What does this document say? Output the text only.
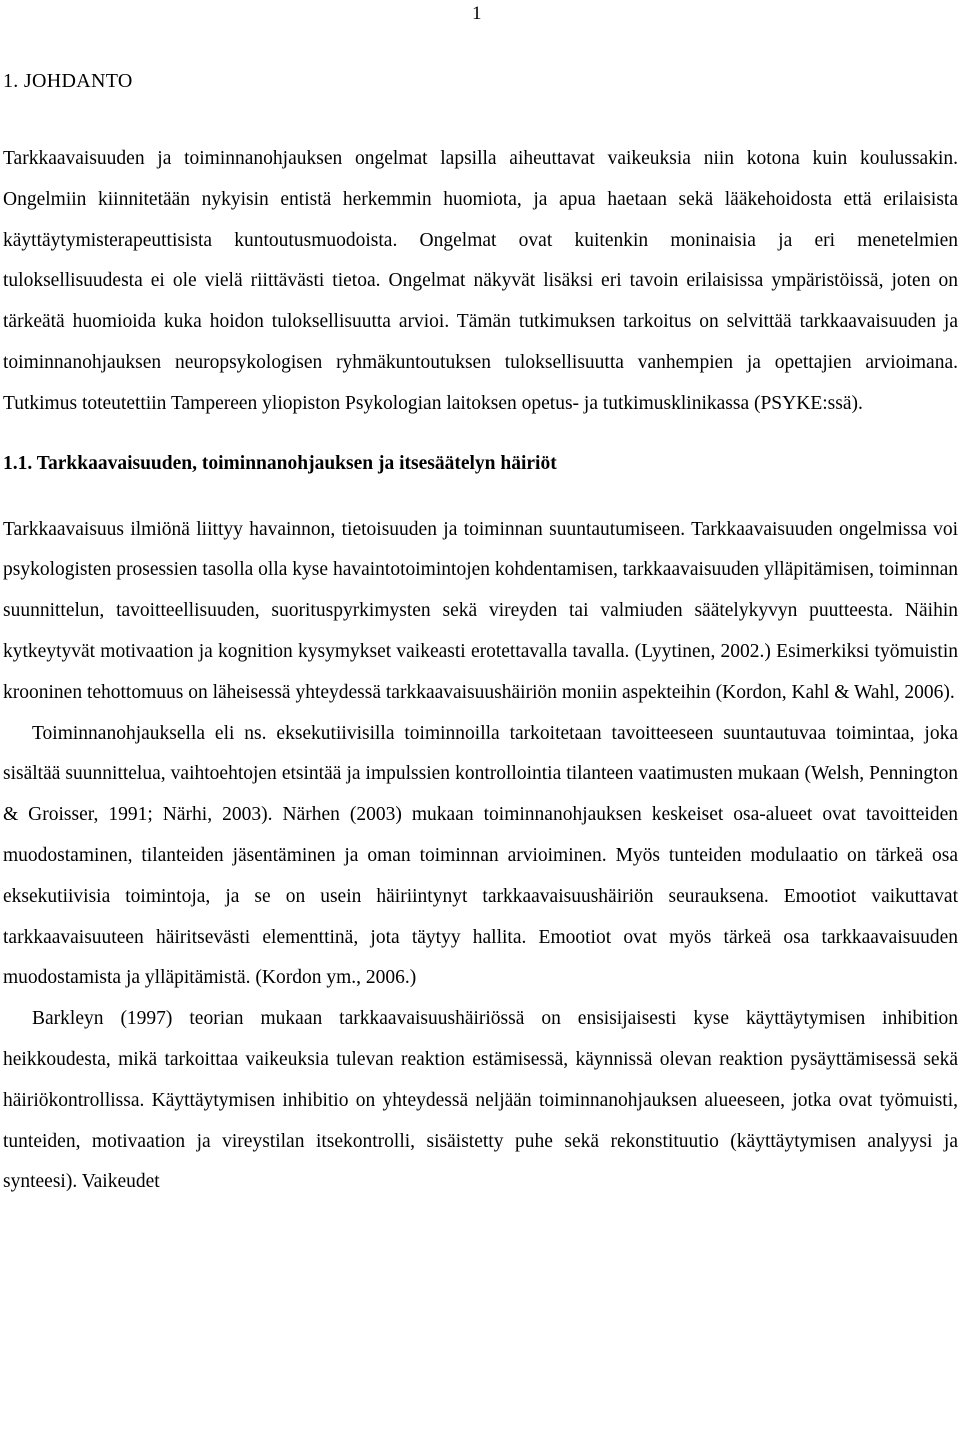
1
1. JOHDANTO

Tarkkaavaisuuden ja toiminnanohjauksen ongelmat lapsilla aiheuttavat vaikeuksia niin kotona kuin koulussakin. Ongelmiin kiinnitetään nykyisin entistä herkemmin huomiota, ja apua haetaan sekä lääkehoidosta että erilaisista käyttäytymisterapeuttisista kuntoutusmuodoista. Ongelmat ovat kuitenkin moninaisia ja eri menetelmien tuloksellisuudesta ei ole vielä riittävästi tietoa. Ongelmat näkyvät lisäksi eri tavoin erilaisissa ympäristöissä, joten on tärkeätä huomioida kuka hoidon tuloksellisuutta arvioi. Tämän tutkimuksen tarkoitus on selvittää tarkkaavaisuuden ja toiminnanohjauksen neuropsykologisen ryhmäkuntoutuksen tuloksellisuutta vanhempien ja opettajien arvioimana. Tutkimus toteutettiin Tampereen yliopiston Psykologian laitoksen opetus- ja tutkimusklinikassa (PSYKE:ssä).

1.1. Tarkkaavaisuuden, toiminnanohjauksen ja itsesäätelyn häiriöt

Tarkkaavaisuus ilmiönä liittyy havainnon, tietoisuuden ja toiminnan suuntautumiseen. Tarkkaavaisuuden ongelmissa voi psykologisten prosessien tasolla olla kyse havaintotoimintojen kohdentamisen, tarkkaavaisuuden ylläpitämisen, toiminnan suunnittelun, tavoitteellisuuden, suorituspyrkimysten sekä vireyden tai valmiuden säätelykyvyn puutteesta. Näihin kytkeytyvät motivaation ja kognition kysymykset vaikeasti erotettavalla tavalla. (Lyytinen, 2002.) Esimerkiksi työmuistin krooninen tehottomuus on läheisessä yhteydessä tarkkaavaisuushäiriön moniin aspekteihin (Kordon, Kahl & Wahl, 2006).

Toiminnanohjauksella eli ns. eksekutiivisilla toiminnoilla tarkoitetaan tavoitteeseen suuntautuvaa toimintaa, joka sisältää suunnittelua, vaihtoehtojen etsintää ja impulssien kontrollointia tilanteen vaatimusten mukaan (Welsh, Pennington & Groisser, 1991; Närhi, 2003). Närhen (2003) mukaan toiminnanohjauksen keskeiset osa-alueet ovat tavoitteiden muodostaminen, tilanteiden jäsentäminen ja oman toiminnan arvioiminen. Myös tunteiden modulaatio on tärkeä osa eksekutiivisia toimintoja, ja se on usein häiriintynyt tarkkaavaisuushäiriön seurauksena. Emootiot vaikuttavat tarkkaavaisuuteen häiritsevästi elementtinä, jota täytyy hallita. Emootiot ovat myös tärkeä osa tarkkaavaisuuden muodostamista ja ylläpitämistä. (Kordon ym., 2006.)

Barkleyn (1997) teorian mukaan tarkkaavaisuushäiriössä on ensisijaisesti kyse käyttäytymisen inhibition heikkoudesta, mikä tarkoittaa vaikeuksia tulevan reaktion estämisessä, käynnissä olevan reaktion pysäyttämisessä sekä häiriökontrollissa. Käyttäytymisen inhibitio on yhteydessä neljään toiminnanohjauksen alueeseen, jotka ovat työmuisti, tunteiden, motivaation ja vireystilan itsekontrolli, sisäistetty puhe sekä rekonstituutio (käyttäytymisen analyysi ja synteesi). Vaikeudet
